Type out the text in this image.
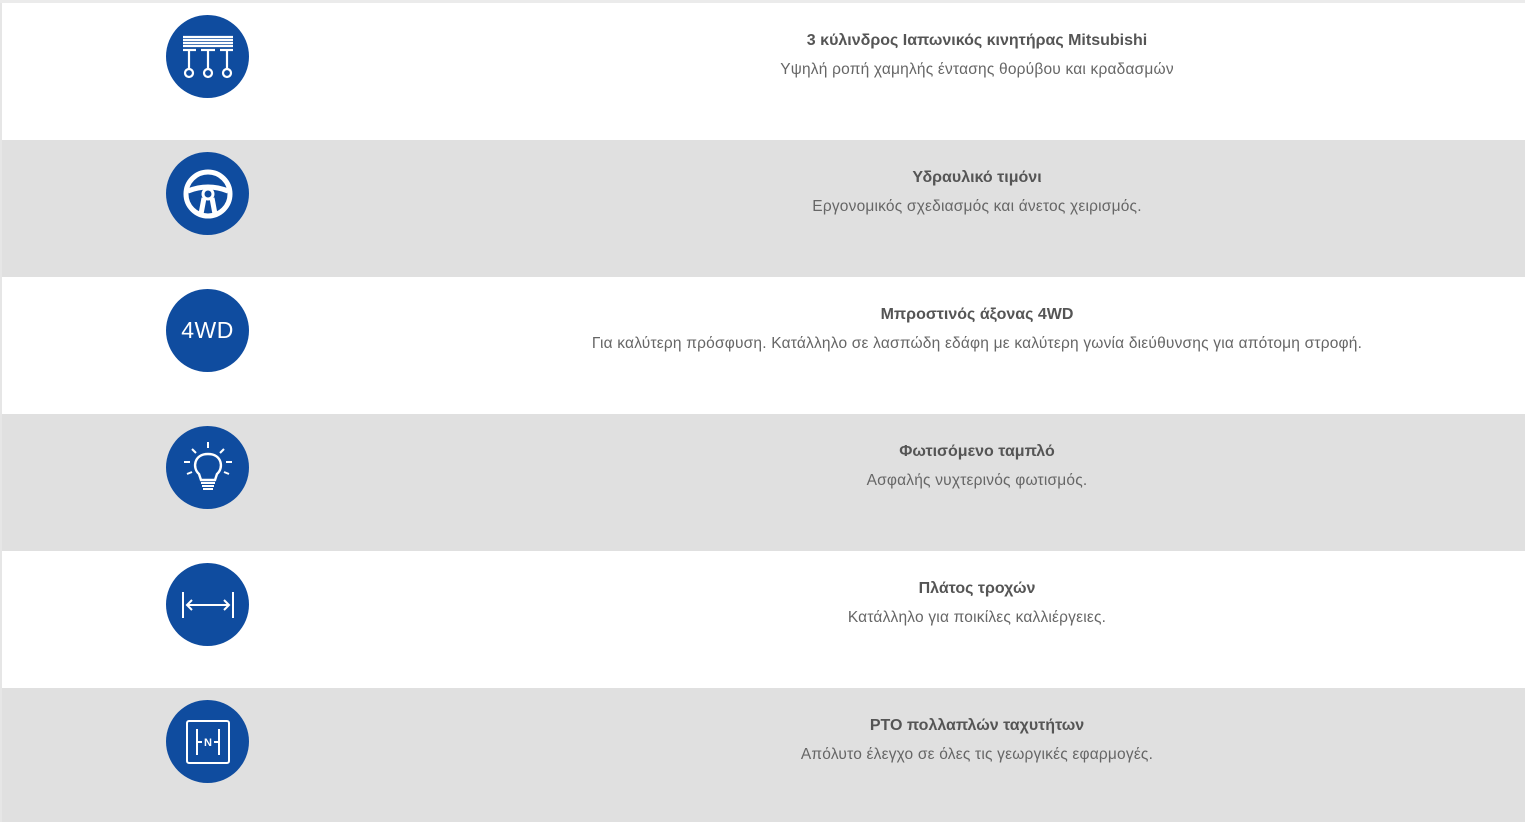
3 κύλινδρος Ιαπωνικός κινητήρας Mitsubishi
Υψηλή ροπή χαμηλής έντασης θορύβου και κραδασμών
Υδραυλικό τιμόνι
Εργονομικός σχεδιασμός και άνετος χειρισμός.
4WD
Μπροστινός άξονας 4WD
Για καλύτερη πρόσφυση. Κατάλληλο σε λασπώδη εδάφη με καλύτερη γωνία διεύθυνσης για απότομη στροφή.
Φωτισόμενο ταμπλό
Ασφαλής νυχτερινός φωτισμός.
Πλάτος τροχών
Κατάλληλο για ποικίλες καλλιέργειες.
N
PTO πολλαπλών ταχυτήτων
Απόλυτο έλεγχο σε όλες τις γεωργικές εφαρμογές.
